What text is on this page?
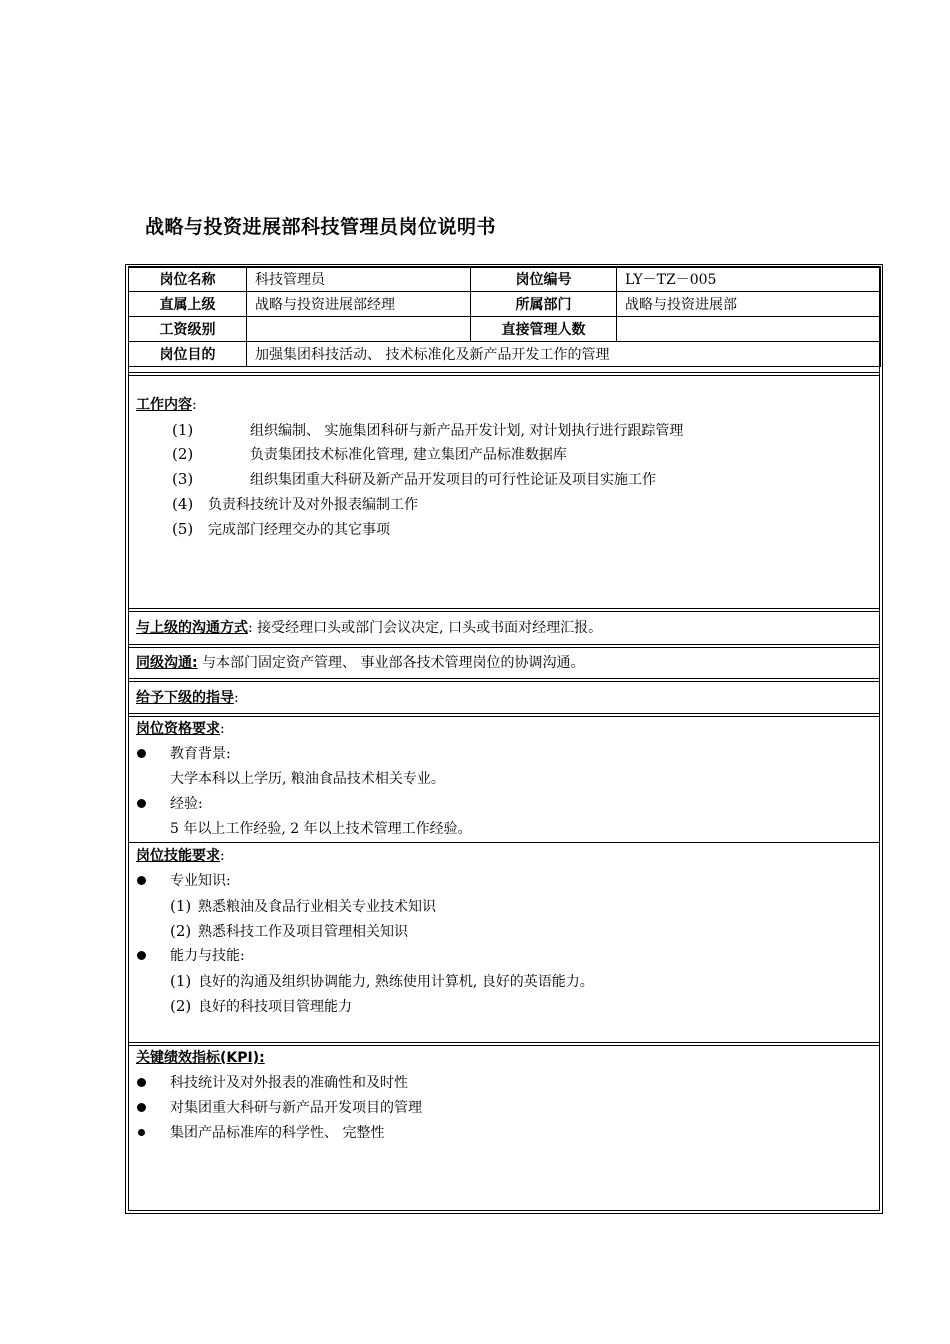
战略与投资进展部科技管理员岗位说明书
岗位名称	科技管理员	岗位编号	LY－TZ－005
直属上级	战略与投资进展部经理	所属部门	战略与投资进展部
工资级别		直接管理人数	
岗位目的	加强集团科技活动、 技术标准化及新产品开发工作的管理		
工作内容:
(1)	组织编制、 实施集团科研与新产品开发计划, 对计划执行进行跟踪管理
(2)	负责集团技术标准化管理, 建立集团产品标准数据库
(3)	组织集团重大科研及新产品开发项目的可行性论证及项目实施工作
(4) 负责科技统计及对外报表编制工作
(5) 完成部门经理交办的其它事项
与上级的沟通方式: 接受经理口头或部门会议决定, 口头或书面对经理汇报。
同级沟通: 与本部门固定资产管理、 事业部各技术管理岗位的协调沟通。
给予下级的指导:
岗位资格要求:
教育背景:
大学本科以上学历, 粮油食品技术相关专业。
经验:
5 年以上工作经验, 2 年以上技术管理工作经验。
岗位技能要求:
专业知识:
(1) 熟悉粮油及食品行业相关专业技术知识
(2) 熟悉科技工作及项目管理相关知识
能力与技能:
(1) 良好的沟通及组织协调能力, 熟练使用计算机, 良好的英语能力。
(2) 良好的科技项目管理能力
关键绩效指标(KPI):
科技统计及对外报表的准确性和及时性
对集团重大科研与新产品开发项目的管理
集团产品标准库的科学性、 完整性
